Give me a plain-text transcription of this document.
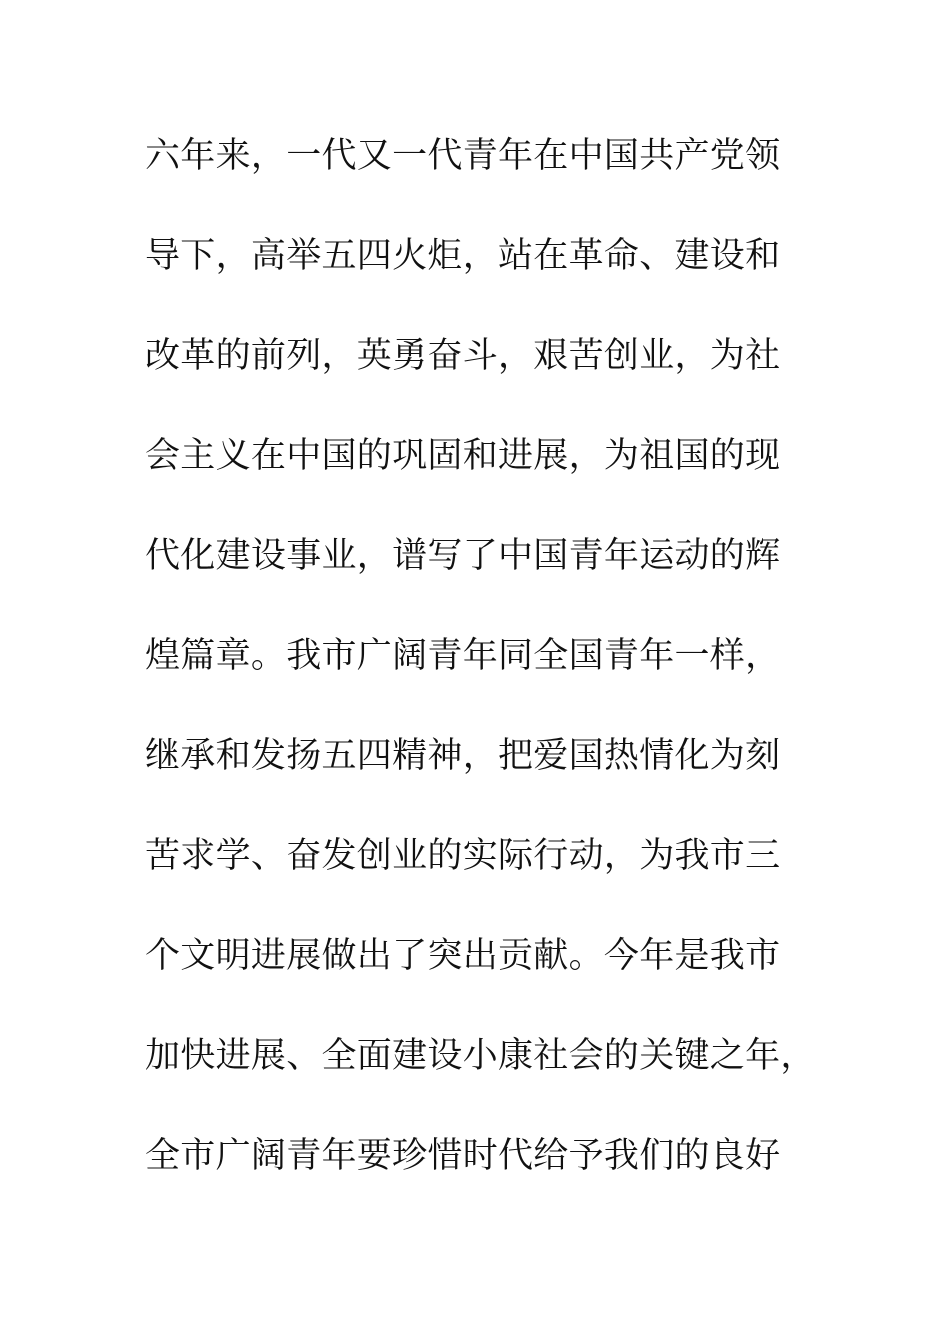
六年来，一代又一代青年在中国共产党领
导下，高举五四火炬，站在革命、建设和
改革的前列，英勇奋斗，艰苦创业，为社
会主义在中国的巩固和进展，为祖国的现
代化建设事业，谱写了中国青年运动的辉
煌篇章。我市广阔青年同全国青年一样，
继承和发扬五四精神，把爱国热情化为刻
苦求学、奋发创业的实际行动，为我市三
个文明进展做出了突出贡献。今年是我市
加快进展、全面建设小康社会的关键之年，
全市广阔青年要珍惜时代给予我们的良好
